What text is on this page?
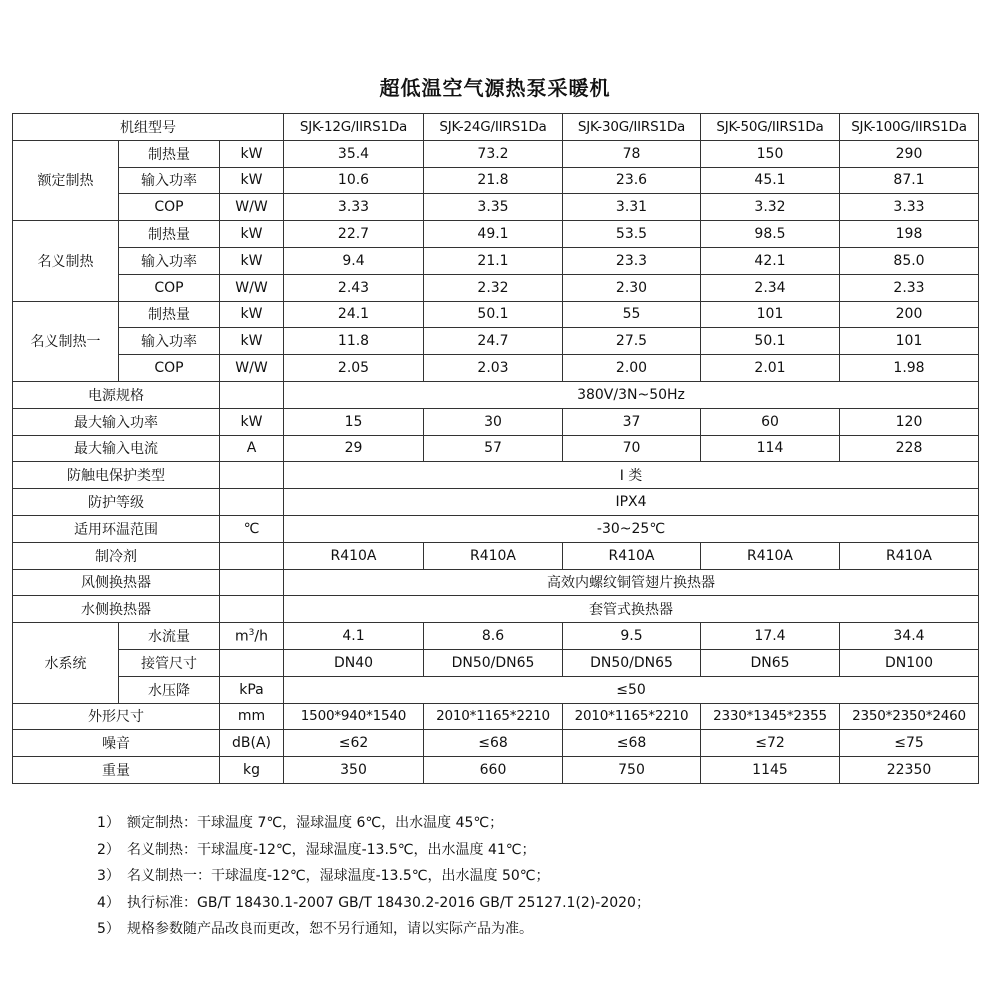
超低温空气源热泵采暖机
机组型号			SJK-12G/IIRS1Da	SJK-24G/IIRS1Da	SJK-30G/IIRS1Da	SJK-50G/IIRS1Da	SJK-100G/IIRS1Da
额定制热	制热量	kW	35.4	73.2	78	150	290
	输入功率	kW	10.6	21.8	23.6	45.1	87.1
	COP	W/W	3.33	3.35	3.31	3.32	3.33
名义制热	制热量	kW	22.7	49.1	53.5	98.5	198
	输入功率	kW	9.4	21.1	23.3	42.1	85.0
	COP	W/W	2.43	2.32	2.30	2.34	2.33
名义制热一	制热量	kW	24.1	50.1	55	101	200
	输入功率	kW	11.8	24.7	27.5	50.1	101
	COP	W/W	2.05	2.03	2.00	2.01	1.98
电源规格			380V/3N~50Hz				
最大输入功率		kW	15	30	37	60	120
最大输入电流		A	29	57	70	114	228
防触电保护类型			I 类				
防护等级			IPX4				
适用环温范围		℃	-30~25℃				
制冷剂			R410A	R410A	R410A	R410A	R410A
风侧换热器			高效内螺纹铜管翅片换热器				
水侧换热器			套管式换热器				
水系统	水流量	$m^3/h$	4.1	8.6	9.5	17.4	34.4
	接管尺寸		DN40	DN50/DN65	DN50/DN65	DN65	DN100
	水压降	kPa	≤50				
外形尺寸		mm	1500*940*1540	2010*1165*2210	2010*1165*2210	2330*1345*2355	2350*2350*2460
噪音		dB(A)	≤62	≤68	≤68	≤72	≤75
重量		kg	350	660	750	1145	22350
1） 额定制热：干球温度 7℃，湿球温度 6℃，出水温度 45℃；
2） 名义制热：干球温度-12℃，湿球温度-13.5℃，出水温度 41℃；
3） 名义制热一：干球温度-12℃，湿球温度-13.5℃，出水温度 50℃；
4） 执行标准：GB/T 18430.1-2007 GB/T 18430.2-2016 GB/T 25127.1(2)-2020；
5） 规格参数随产品改良而更改，恕不另行通知，请以实际产品为准。
